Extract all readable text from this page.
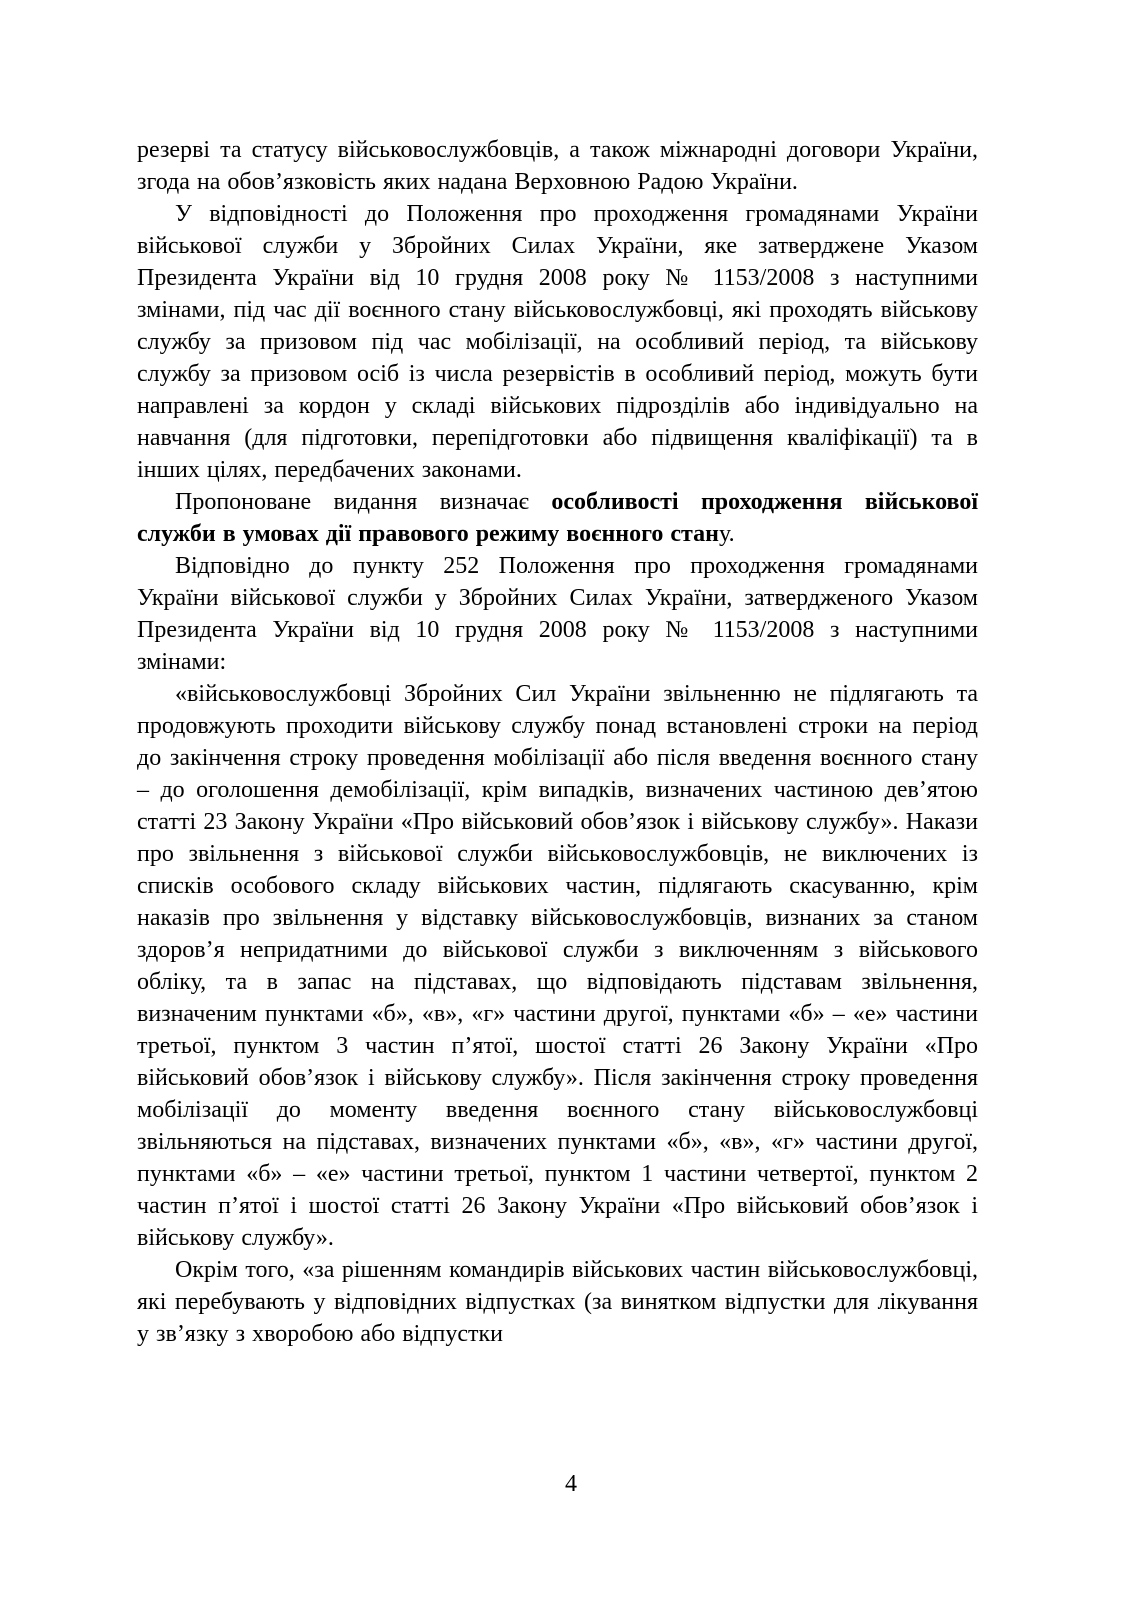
резерві та статусу військовослужбовців, а також міжнародні договори України, згода на обов’язковість яких надана Верховною Радою України.

У відповідності до Положення про проходження громадянами України військової служби у Збройних Силах України, яке затверджене Указом Президента України від 10 грудня 2008 року № 1153/2008 з наступними змінами, під час дії воєнного стану військовослужбовці, які проходять військову службу за призовом під час мобілізації, на особливий період, та військову службу за призовом осіб із числа резервістів в особливий період, можуть бути направлені за кордон у складі військових підрозділів або індивідуально на навчання (для підготовки, перепідготовки або підвищення кваліфікації) та в інших цілях, передбачених законами.

Пропоноване видання визначає особливості проходження військової служби в умовах дії правового режиму воєнного стану.

Відповідно до пункту 252 Положення про проходження громадянами України військової служби у Збройних Силах України, затвердженого Указом Президента України від 10 грудня 2008 року № 1153/2008 з наступними змінами:

«військовослужбовці Збройних Сил України звільненню не підлягають та продовжують проходити військову службу понад встановлені строки на період до закінчення строку проведення мобілізації або після введення воєнного стану – до оголошення демобілізації, крім випадків, визначених частиною дев’ятою статті 23 Закону України «Про військовий обов’язок і військову службу». Накази про звільнення з військової служби військовослужбовців, не виключених із списків особового складу військових частин, підлягають скасуванню, крім наказів про звільнення у відставку військовослужбовців, визнаних за станом здоров’я непридатними до військової служби з виключенням з військового обліку, та в запас на підставах, що відповідають підставам звільнення, визначеним пунктами «б», «в», «г» частини другої, пунктами «б» – «е» частини третьої, пунктом 3 частин п’ятої, шостої статті 26 Закону України «Про військовий обов’язок і військову службу». Після закінчення строку проведення мобілізації до моменту введення воєнного стану військовослужбовці звільняються на підставах, визначених пунктами «б», «в», «г» частини другої, пунктами «б» – «е» частини третьої, пунктом 1 частини четвертої, пунктом 2 частин п’ятої і шостої статті 26 Закону України «Про військовий обов’язок і військову службу».

Окрім того, «за рішенням командирів військових частин військовослужбовці, які перебувають у відповідних відпустках (за винятком відпустки для лікування у зв’язку з хворобою або відпустки

4
